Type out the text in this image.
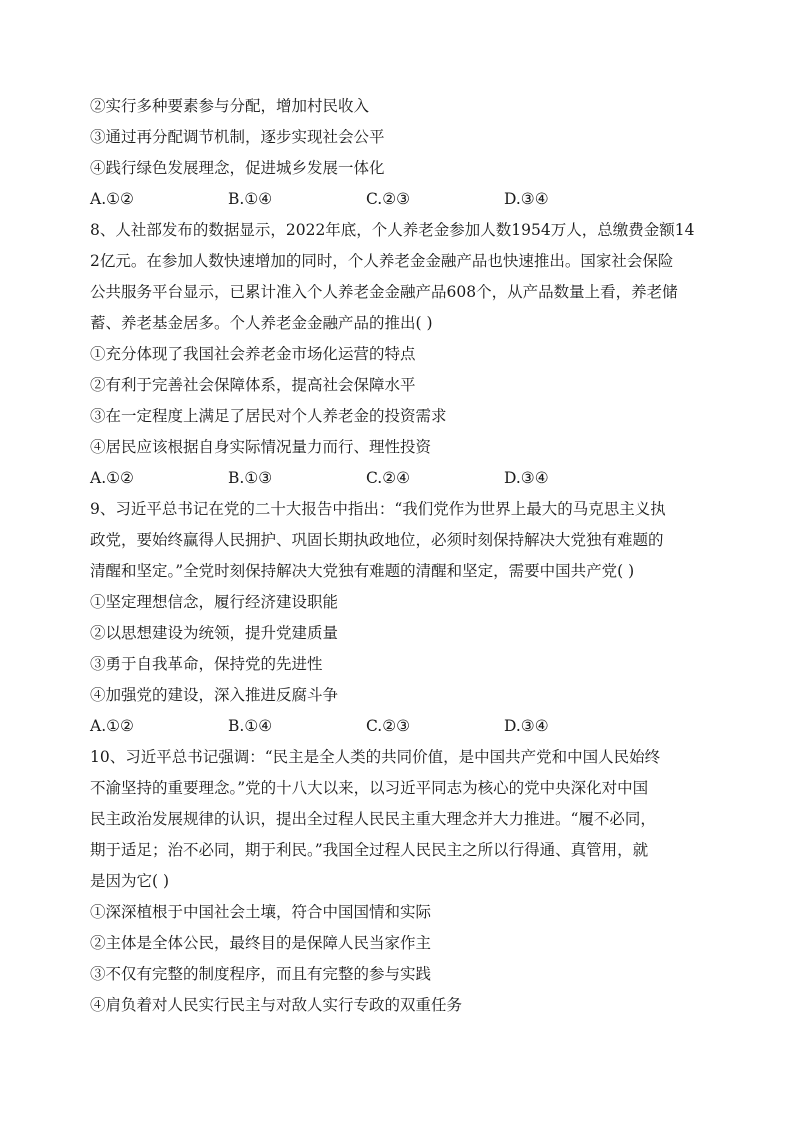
②实行多种要素参与分配，增加村民收入
③通过再分配调节机制，逐步实现社会公平
④践行绿色发展理念，促进城乡发展一体化
A.①②	B.①④	C.②③	D.③④
8、人社部发布的数据显示，2022年底，个人养老金参加人数1954万人，总缴费金额14
2亿元。在参加人数快速增加的同时，个人养老金金融产品也快速推出。国家社会保险
公共服务平台显示，已累计准入个人养老金金融产品608个，从产品数量上看，养老储
蓄、养老基金居多。个人养老金金融产品的推出( )
①充分体现了我国社会养老金市场化运营的特点
②有利于完善社会保障体系，提高社会保障水平
③在一定程度上满足了居民对个人养老金的投资需求
④居民应该根据自身实际情况量力而行、理性投资
A.①②	B.①③	C.②④	D.③④
9、习近平总书记在党的二十大报告中指出：“我们党作为世界上最大的马克思主义执
政党，要始终赢得人民拥护、巩固长期执政地位，必须时刻保持解决大党独有难题的
清醒和坚定。”全党时刻保持解决大党独有难题的清醒和坚定，需要中国共产党( )
①坚定理想信念，履行经济建设职能
②以思想建设为统领，提升党建质量
③勇于自我革命，保持党的先进性
④加强党的建设，深入推进反腐斗争
A.①②	B.①④	C.②③	D.③④
10、习近平总书记强调：“民主是全人类的共同价值，是中国共产党和中国人民始终
不渝坚持的重要理念。”党的十八大以来，以习近平同志为核心的党中央深化对中国
民主政治发展规律的认识，提出全过程人民民主重大理念并大力推进。“履不必同，
期于适足；治不必同，期于利民。”我国全过程人民民主之所以行得通、真管用，就
是因为它( )
①深深植根于中国社会土壤，符合中国国情和实际
②主体是全体公民，最终目的是保障人民当家作主
③不仅有完整的制度程序，而且有完整的参与实践
④肩负着对人民实行民主与对敌人实行专政的双重任务
